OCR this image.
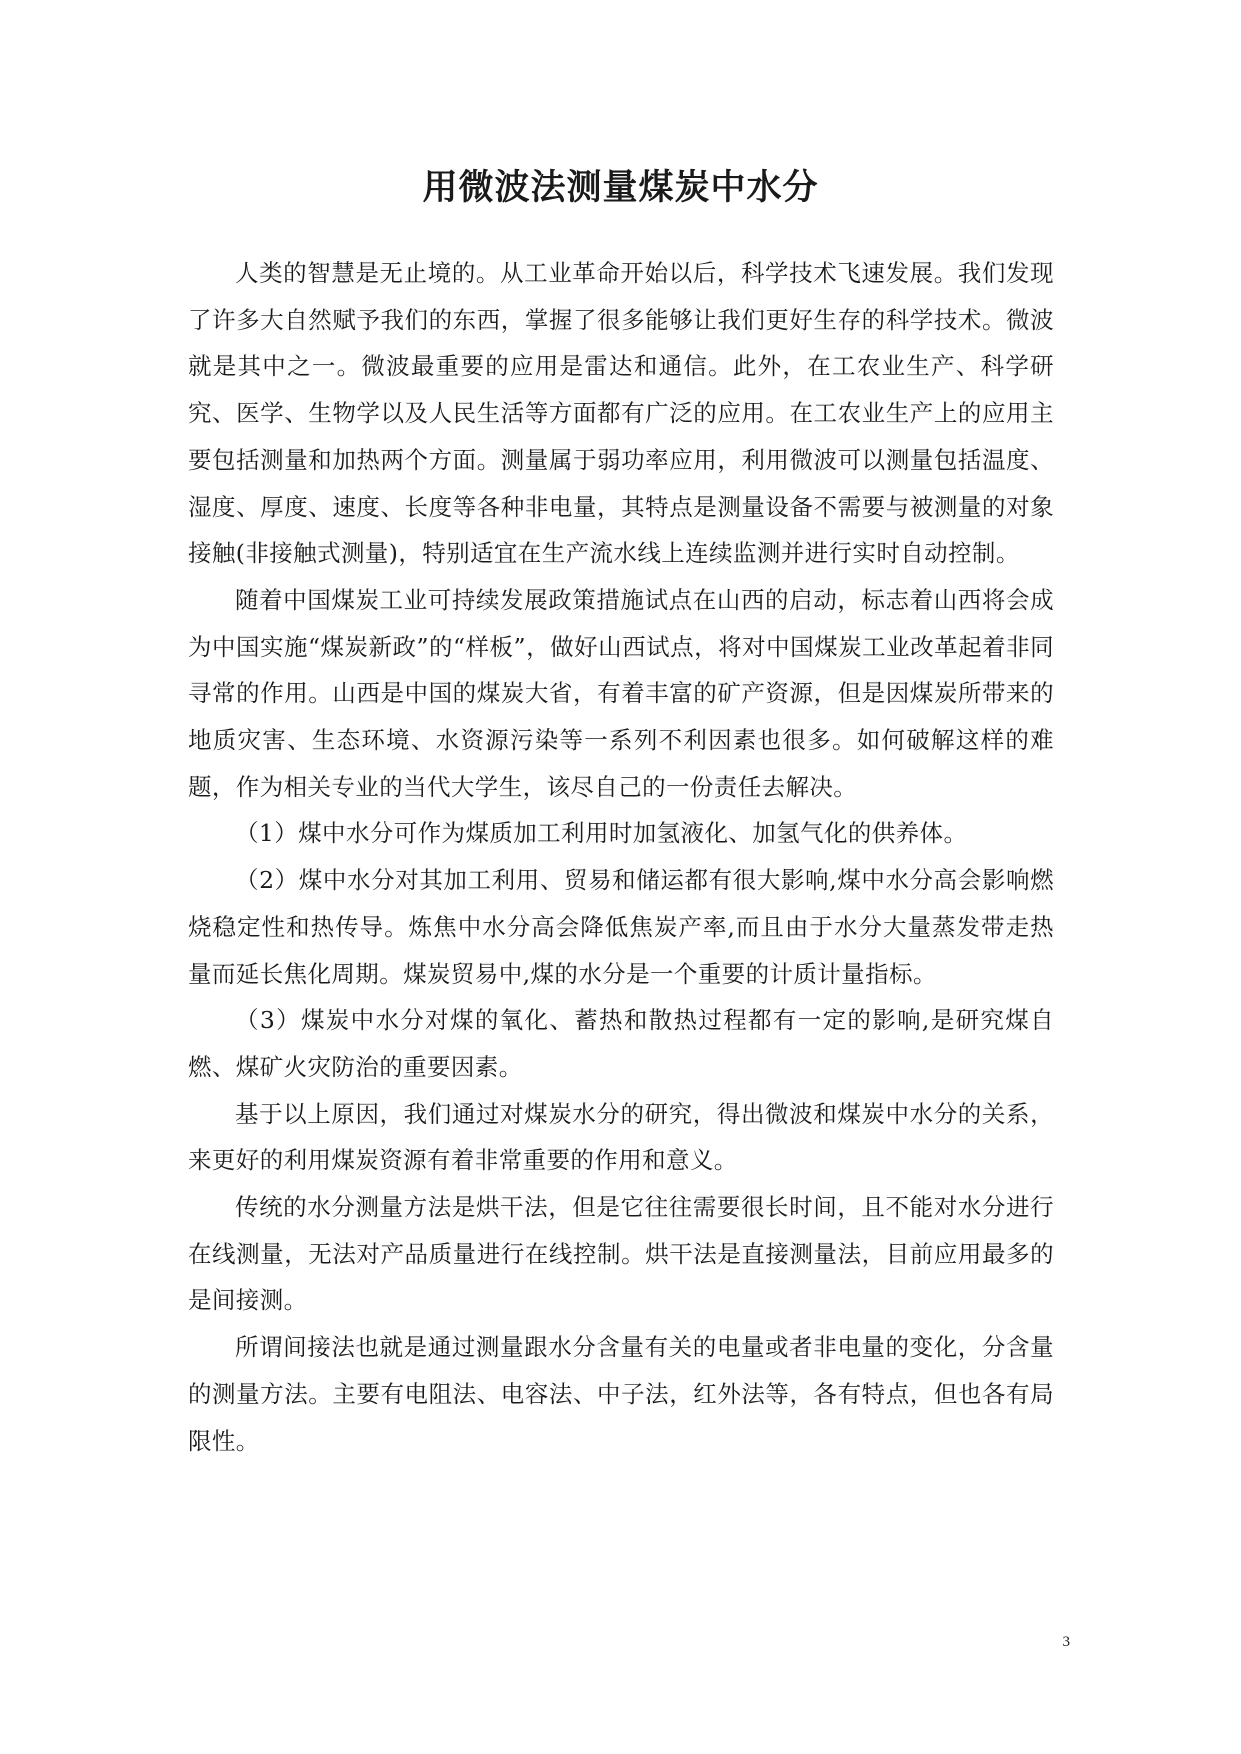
用微波法测量煤炭中水分

人类的智慧是无止境的。从工业革命开始以后，科学技术飞速发展。我们发现了许多大自然赋予我们的东西，掌握了很多能够让我们更好生存的科学技术。微波就是其中之一。微波最重要的应用是雷达和通信。此外，在工农业生产、科学研究、医学、生物学以及人民生活等方面都有广泛的应用。在工农业生产上的应用主要包括测量和加热两个方面。测量属于弱功率应用，利用微波可以测量包括温度、湿度、厚度、速度、长度等各种非电量，其特点是测量设备不需要与被测量的对象接触(非接触式测量)，特别适宜在生产流水线上连续监测并进行实时自动控制。

随着中国煤炭工业可持续发展政策措施试点在山西的启动，标志着山西将会成为中国实施“煤炭新政”的“样板”，做好山西试点，将对中国煤炭工业改革起着非同寻常的作用。山西是中国的煤炭大省，有着丰富的矿产资源，但是因煤炭所带来的地质灾害、生态环境、水资源污染等一系列不利因素也很多。如何破解这样的难题，作为相关专业的当代大学生，该尽自己的一份责任去解决。

（1）煤中水分可作为煤质加工利用时加氢液化、加氢气化的供养体。

（2）煤中水分对其加工利用、贸易和储运都有很大影响,煤中水分高会影响燃烧稳定性和热传导。炼焦中水分高会降低焦炭产率,而且由于水分大量蒸发带走热量而延长焦化周期。煤炭贸易中,煤的水分是一个重要的计质计量指标。

（3）煤炭中水分对煤的氧化、蓄热和散热过程都有一定的影响,是研究煤自燃、煤矿火灾防治的重要因素。

基于以上原因，我们通过对煤炭水分的研究，得出微波和煤炭中水分的关系，来更好的利用煤炭资源有着非常重要的作用和意义。

传统的水分测量方法是烘干法，但是它往往需要很长时间，且不能对水分进行在线测量，无法对产品质量进行在线控制。烘干法是直接测量法，目前应用最多的是间接测。

所谓间接法也就是通过测量跟水分含量有关的电量或者非电量的变化，分含量的测量方法。主要有电阻法、电容法、中子法，红外法等，各有特点，但也各有局限性。

3
